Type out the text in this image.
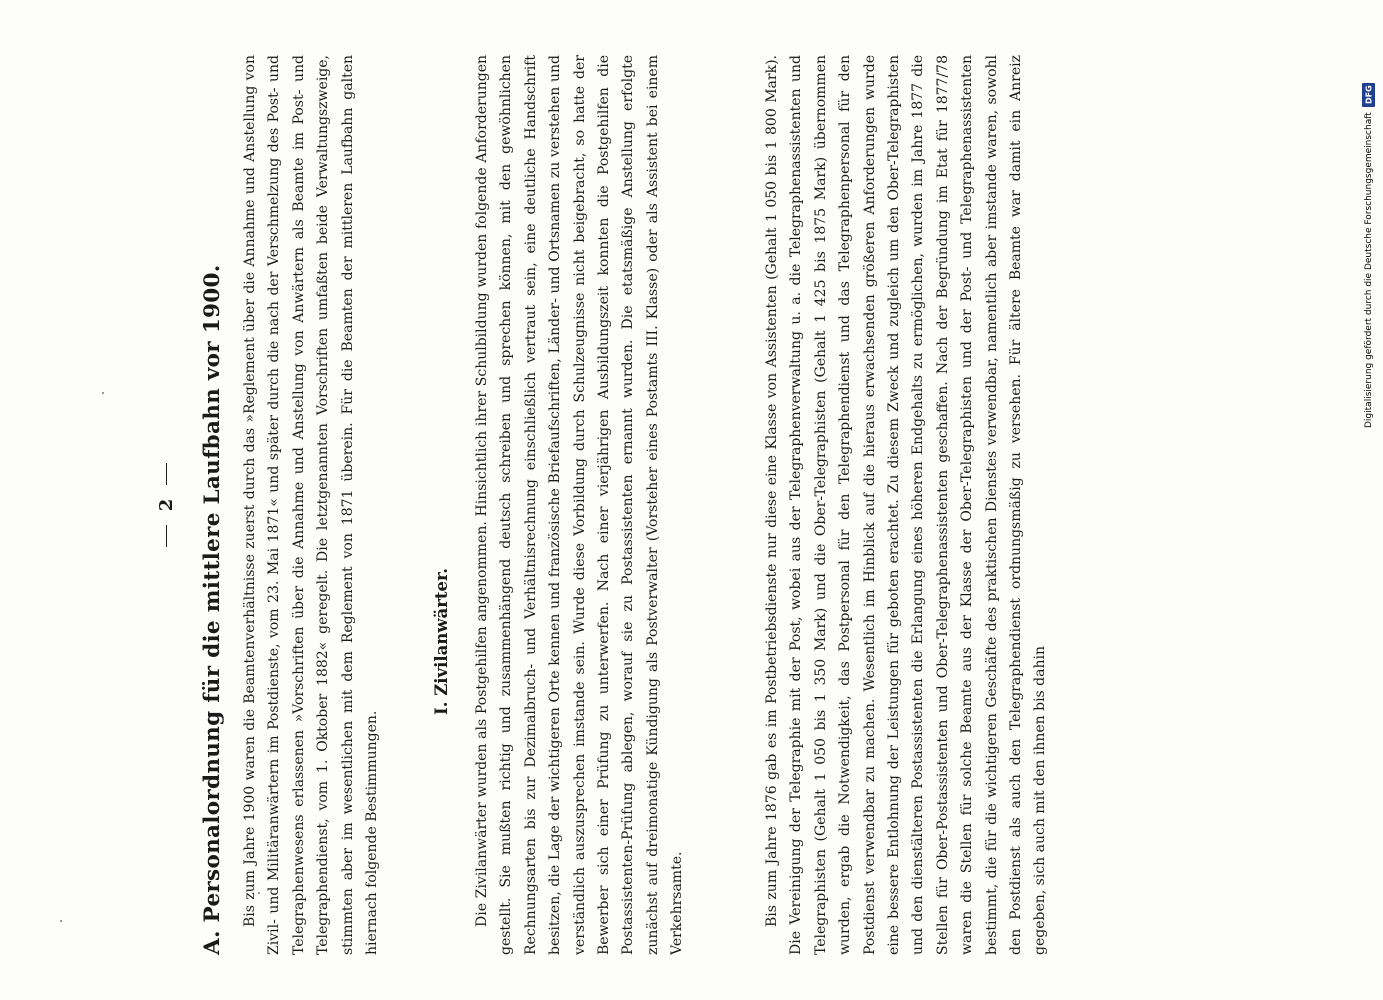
2 A. Personalordnung für die mittlere Laufbahn vor 1900. Bis zum Jahre 1900 waren die Beamtenverhältnisse zuerst durch das »Reglement über die Annahme und Anstellung von Zivil- und Militäranwärtern im Postdienste, vom 23. Mai 1871« und später durch die nach der Verschmelzung des Post- und Telegraphenwesens erlassenen »Vorschriften über die Annahme und Anstellung von Anwärtern als Beamte im Post- und Telegraphendienst, vom 1. Oktober 1882« geregelt. Die letztgenannten Vorschriften umfaßten beide Verwaltungszweige, stimmten aber im wesentlichen mit dem Reglement von 1871 überein. Für die Beamten der mittleren Laufbahn galten hiernach folgende Bestimmungen.

I. Zivilanwärter. Die Zivilanwärter wurden als Postgehilfen angenommen. Hinsichtlich ihrer Schulbildung wurden folgende Anforderungen gestellt. Sie mußten richtig und zusammenhängend deutsch schreiben und sprechen können, mit den gewöhnlichen Rechnungsarten bis zur Dezimalbruch- und Verhältnisrechnung einschließlich vertraut sein, eine deutliche Handschrift besitzen, die Lage der wichtigeren Orte kennen und französische Briefaufschriften, Länder- und Ortsnamen zu verstehen und verständlich auszusprechen imstande sein. Wurde diese Vorbildung durch Schulzeugnisse nicht beigebracht, so hatte der Bewerber sich einer Prüfung zu unterwerfen. Nach einer vierjährigen Ausbildungszeit konnten die Postgehilfen die Postassistenten-Prüfung ablegen, worauf sie zu Postassistenten ernannt wurden. Die etatsmäßige Anstellung erfolgte zunächst auf dreimonatige Kündigung als Postverwalter (Vorsteher eines Postamts III. Klasse) oder als Assistent bei einem Verkehrsamte.	Bis zum Jahre 1876 gab es im Postbetriebsdienste nur diese eine Klasse von Assistenten (Gehalt 1 050 bis 1 800 Mark). Die Vereinigung der Telegraphie mit der Post, wobei aus der Telegraphenverwaltung u. a. die Telegraphenassistenten und Telegraphisten (Gehalt 1 050 bis 1 350 Mark) und die Ober-Telegraphisten (Gehalt 1 425 bis 1875 Mark) übernommen wurden, ergab die Notwendigkeit, das Postpersonal für den Telegraphendienst und das Telegraphenpersonal für den Postdienst verwendbar zu machen. Wesentlich im Hinblick auf die hieraus erwachsenden größeren Anforderungen wurde eine bessere Entlohnung der Leistungen für geboten erachtet. Zu diesem Zweck und zugleich um den Ober-Telegraphisten und den dienstälteren Postassistenten die Erlangung eines höheren Endgehalts zu ermöglichen, wurden im Jahre 1877 die Stellen für Ober-Postassistenten und Ober-Telegraphenassistenten geschaffen. Nach der Begründung im Etat für 1877/78 waren die Stellen für solche Beamte aus der Klasse der Ober-Telegraphisten und der Post- und Telegraphenassistenten bestimmt, die für die wichtigeren Geschäfte des praktischen Dienstes verwendbar, namentlich aber imstande waren, sowohl den Postdienst als auch den Telegraphendienst ordnungsmäßig zu versehen. Für ältere Beamte war damit ein Anreiz gegeben, sich auch mit den ihnen bis dahin

Digitalisierung gefördert durch die Deutsche Forschungsgemeinschaft
DFG
